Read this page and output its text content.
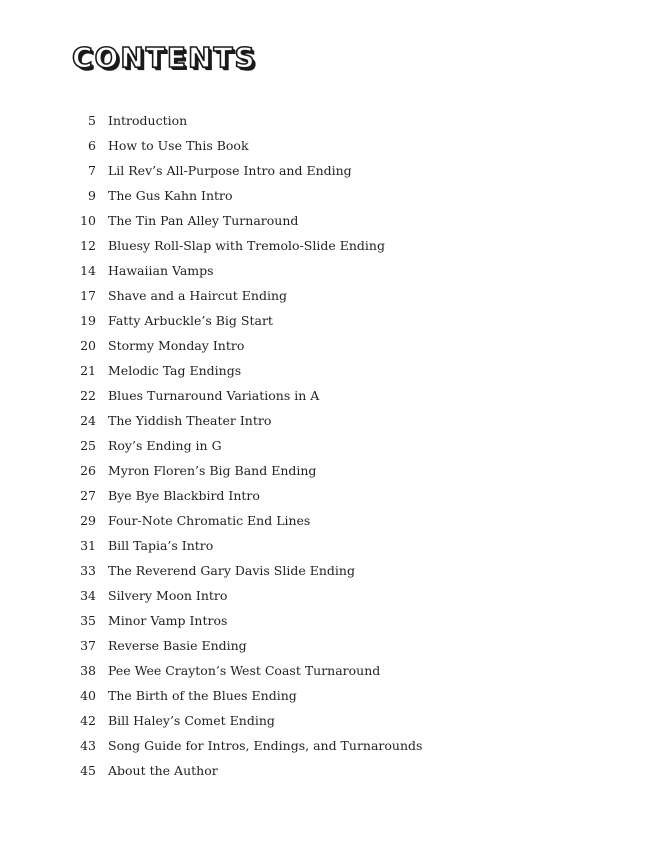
CONTENTS
5 Introduction
6 How to Use This Book
7 Lil Rev’s All-Purpose Intro and Ending
9 The Gus Kahn Intro
10 The Tin Pan Alley Turnaround
12 Bluesy Roll-Slap with Tremolo-Slide Ending
14 Hawaiian Vamps
17 Shave and a Haircut Ending
19 Fatty Arbuckle’s Big Start
20 Stormy Monday Intro
21 Melodic Tag Endings
22 Blues Turnaround Variations in A
24 The Yiddish Theater Intro
25 Roy’s Ending in G
26 Myron Floren’s Big Band Ending
27 Bye Bye Blackbird Intro
29 Four-Note Chromatic End Lines
31 Bill Tapia’s Intro
33 The Reverend Gary Davis Slide Ending
34 Silvery Moon Intro
35 Minor Vamp Intros
37 Reverse Basie Ending
38 Pee Wee Crayton’s West Coast Turnaround
40 The Birth of the Blues Ending
42 Bill Haley’s Comet Ending
43 Song Guide for Intros, Endings, and Turnarounds
45 About the Author
